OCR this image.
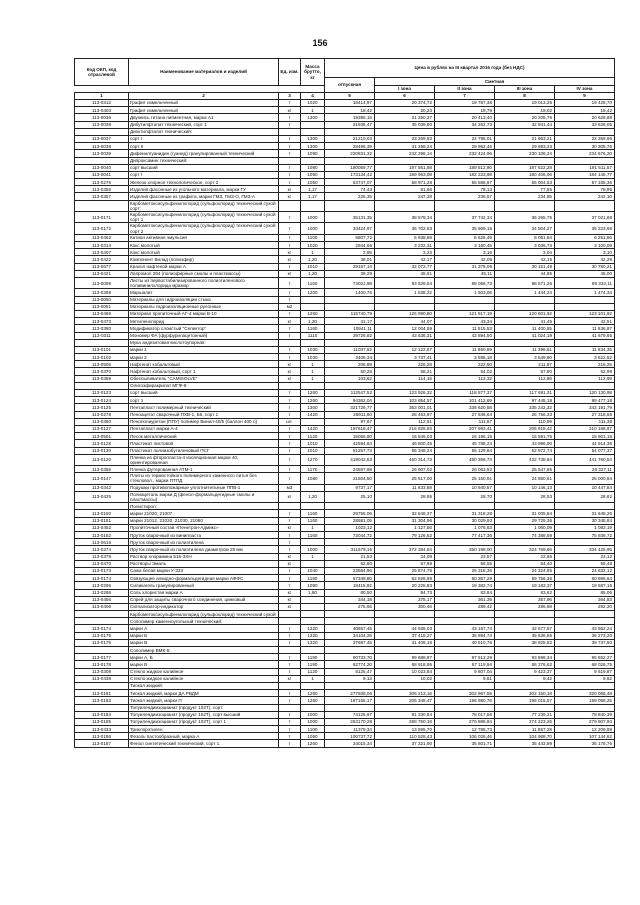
156
Код ОКП, код отраслевой	Наименование материалов и изделий	Ед. изм.	Масса брутто, кг	Цена в рублях на III квартал 2016 года (без НДС)				
				отпускная	Сметная			
					I зона	II зона	III зона	IV зона
1	2	3	4	5	6	7	8	9
113-0312	Графит измельченный	т	1020	18414,97	20 374,72	19 787,38	19 013,25	19 429,70
113-0403	Графит измельченный	кг	1	18,42	20,23	19,79	19,02	19,42
113-0036	Двуокись титана пигментная, марка А1	т	1300	19395,15	21 250,37	20 413,40	20 205,76	20 628,88
113-0038	Дибутилфталат технический, сорт 1	т		31935,47	35 039,60	34 262,73	32 941,44	33 628,05
	Диоктилфталат технический:							
113-0037	сорт I	т	1300	21210,03	23 269,93	22 795,01	21 963,21	22 359,96
113-0038	сорт II	т	1300	28496,39	31 268,24	29 962,46	29 693,23	30 305,76
113-0039	Дифенилгуанидин (гуанид) гранулированный технический	т	1090	220831,32	242 296,14	232 424,96	230 106,24	234 676,20
	Дипроксамин технический:							
113-0040	сорт высший	т	1090	180059,77	197 561,58	189 512,90	187 622,28	191 511,57
113-0041	сорт I	т	1090	173134,42	189 963,08	182 223,98	180 406,06	184 145,77
113-0276	Железо хлорное технологическое, сорт 2	т	1050	53747,07	58 971,28	56 568,87	56 004,53	57 165,36
113-0356	Изделия фасонные из угольного материала, марки ГУ	кг	1,17	74,43	81,66	78,13	77,55	78,95
113-0357	Изделия фасонные из графита, марки ГМЗ, ГМЗ-О, ГМЗ-А	кг	1,17	225,35	247,28	236,57	234,85	242,10
	Карбометоксисульфенилхлорид (сульфохлорид) технический сухой сорт:							
113-0171	Карбометоксисульфенилхлорид (сульфохлорид) технический сухой сорт 1	т	1000	35131,35	38 578,34	37 742,34	36 265,75	37 021,68
113-0172	Карбометоксисульфенилхлорид (сульфохлорид) технический сухой сорт 2	т	1000	33424,97	36 702,63	35 909,15	34 504,27	35 223,68
113-0462	Катион активная эмульсия	т	1100	5807,72	6 938,69	6 625,49	6 051,84	6 251,66
113-0314	Кокс молотый	т	1020	2944,65	3 232,31	3 160,45	3 036,73	3 100,09
113-0407	Кокс молотый	кг	1	2,95	3,23	3,16	3,04	3,10
113-0422	Компонент Вилад (полиэфир)	кг	1,20	38,01	42,17	42,09	42,15	42,29
113-0677	Крахол нафтеной марки А	т	1010	29157,14	32 072,77	31 379,06	30 151,48	30 780,21
113-0421	Лапромол 294 (полиэфирные смолы и пластмассы)	кг	1,20	39,29	45,51	45,11	44,85	45,00
113-0098	Листы из первостабилизированного полиэтиленового поливинилхлорида мрамор	т	1160	73021,98	93 526,54	89 066,73	88 571,26	89 333,11
113-0368	Маршалит	т	1200	1400,76	1 538,22	1 503,05	1 444,24	1 474,34
113-0050	Материалы для гидроизоляции стыка	т						
113-0051	Материалы гидроизоляционные рулонные	м2						
113-0466	Материал пропиточный АГ-4 марки В-10	т	1260	115740,79	126 990,80	121 817,19	120 601,92	123 101,92
113-0473	Метиленхлорид	кг	1,20	41,17	44,07	43,34	41,45	42,51
113-0380	Модификатор слоистый "Селектор"	т	1160	10941,11	12 004,59	11 515,53	11 400,65	11 636,97
113-0311	Мономер ФА (фурфурилацетонный)	т	1110	39726,82	43 636,31	42 894,50	41 024,19	41 679,65
	Мука андезитовая кислотоупорная:							
113-0101	марки 1	т	1030	11037,62	12 122,67	11 860,59	11 396,61	11 634,35
113-0102	марки 2	т	1030	3406,34	3 737,41	3 585,18	3 549,90	3 622,52
113-0505	Нафтенат кобальтовый	кг	1	206,89	226,28	222,50	211,87	216,25
113-0370	Нафтенат кобальтовый, сорт 1	кг	1	50,26	58,21	54,02	57,90	52,99
113-0359	Обеспыливатель "CAMISOLVE"	кг	1	103,62	114,15	113,32	112,86	112,99
	Олигоэфиракрилат МГФ-9:							
113-0123	сорт высший	т	1260	112547,52	123 926,32	118 877,37	117 691,31	120 130,98
113-0124	сорт 1	т	1260	94362,04	103 654,57	101 412,69	97 445,18	99 477,18
113-0125	Пентапласт полимерный технический	т	1300	321726,77	353 001,01	338 620,58	335 242,32	342 191,79
113-0278	Пеноацетат сварочный ПХВ-1, Б5, сорт 1	т	1420	25911,60	28 463,87	27 846,64	26 756,33	27 318,55
113-0380	Пенополиуретан (ППУ) полимер Винил-40/5 (баллон 400 л)	шт.		97,67	112,61	111,87	110,99	111,38
113-0127	Пентапласт марки А-4	т	1420	197618,47	216 826,93	207 993,41	205 918,42	210 186,97
113-0501	Песок металлический	т	1120	15055,80	16 546,03	16 196,15	15 591,75	15 901,15
113-0128	Пластикат листовой	т	1010	42594,84	46 800,45	45 788,24	43 996,90	44 914,36
113-0130	Пластикат полиизобутиленовый ПСГ	т	1010	51257,73	56 348,24	55 129,84	52 972,74	54 077,37
113-0120	Пленка из фторопласта-4 изоляционная марки 40, ориентированная	т	1270	419042,53	460 314,73	450 356,74	432 738,84	441 760,54
113-0355	Пленка футерованная АТМ-1	т	1170	24557,68	26 907,02	26 063,52	25 547,65	26 327,11
113-0147	Плиты из термостойкого полимерного каменного литья без стекловол., марки ПТПД	т	1080	21504,50	25 517,00	25 150,91	24 850,61	25 000,84
113-0342	Подушки противопожарные уплотнительные ППВ-1	м3		9737,17	11 633,68	10 940,57	10 146,13	10 447,84
113-0425	Полиацеталь марки Д (фенол-формальдегидные смолы и пластмассы)	кг	1,20	25,10	28,95	28,70	28,53	28,62
	Полистирол:							
113-0150	марки 21020, 21007	т	1160	29756,06	32 648,37	31 318,28	31 005,84	31 648,26
113-0151	марки 21012, 21020, 21030, 21060	т	1160	28581,05	31 304,96	30 029,93	29 729,36	30 345,84
113-0452	Пропиточный состав «Пенетрон-Адмикс»	кг	1	1023,12	1 127,56	1 076,63	1 060,09	1 083,19
113-0152	Пруток сварочный из винипласта	т	1160	72044,72	79 126,52	77 417,36	74 388,59	75 939,72
113-0615	Пруток сварочный из полиэтилена	т						
113-0374	Пруток сварочный из полиэтилена диаметром 25 мм	т	1000	311679,15	372 384,84	350 199,00	324 769,66	334 425,95
113-0379	Раствор хлорамина 51К-3ХН	кг	1	21,53	24,09	23,57	22,65	23,12
113-0470	Растворы Эмаль	кг		52,80	57,89	56,55	54,40	55,48
113-0173	Сажа белая марки У-333	т	1040	23564,96	25 874,75	25 318,36	24 324,85	24 832,12
113-0174	Связующее алкидно-формальдегидная марки АФФС	т	1190	57348,80	62 926,69	60 357,29	59 756,36	60 995,64
113-0296	Силикагель гранулированный	т	1090	18415,92	20 225,83	19 382,74	19 183,37	19 587,16
113-0268	Соль хлористая марки А	кг	1,60	80,50	84,73	83,84	83,62	85,06
113-0456	Спрей для защиты сварочного соединения, цинковый	кг		344,18	375,17	361,39	357,96	364,83
113-0406	Сигнализатор-индикатор	кг		275,65	300,46	289,42	286,68	292,20
	Карбометоксисульфенилхлорид (сульфохлорид) технический сухой							
	Сополимер каменноугольный технический:							
113-0174	марки А	т	1320	40657,45	44 936,03	43 197,74	42 677,67	43 562,24
113-0175	марки Б	т	1320	34104,26	37 418,27	35 894,74	35 536,85	36 273,20
113-0176	марки В	т	1320	37697,45	41 406,16	40 510,76	38 925,82	39 737,50
	Сополимер ВМК-5:							
113-0177	марки А, Б	т	1190	90733,70	99 688,87	97 513,29	93 698,34	95 652,27
113-0178	марки В	т	1190	62774,20	68 918,95	67 119,94	66 376,62	68 026,75
113-0308	Стекло жидкое калийное	т	1120	8125,47	10 023,84	9 807,04	9 423,37	9 619,87
113-0438	Стекло жидкое калийное	кг	1	9,13	10,02	9,81	9,42	9,62
	Тиокол жидкий:							
113-0181	Тиокол жидкий, марки ДА РВДМ	т	1260	277936,06	305 213,16	302 967,55	302 150,18	320 066,48
113-0182	Тиокол жидкий, марки П	т	1260	187155,17	205 348,47	196 980,76	195 015,57	199 058,25
	Толуилендиизоцианат (продукт 102Т), сорт:							
113-0184	Толуилендиизоцианат (продукт 102Т), сорт высший	т	1000	74125,97	81 330,84	78 017,56	77 239,21	78 840,39
113-0185	Толуилендиизоцианат (продукт 102Т), сорт 1	т	1000	263170,28	288 750,18	276 986,84	274 223,26	279 907,93
113-0433	Трихлорэтилен	т	1100	11379,34	13 595,70	12 785,73	11 857,28	12 209,88
113-0186	Фезоль пастообразный, марка А	т	1060	100737,72	110 528,43	106 026,46	104 968,70	107 144,62
113-0187	Фенол синтетический технический, сорт 1	т	1260	34015,34	37 321,90	35 801,71	35 443,89	36 178,76
